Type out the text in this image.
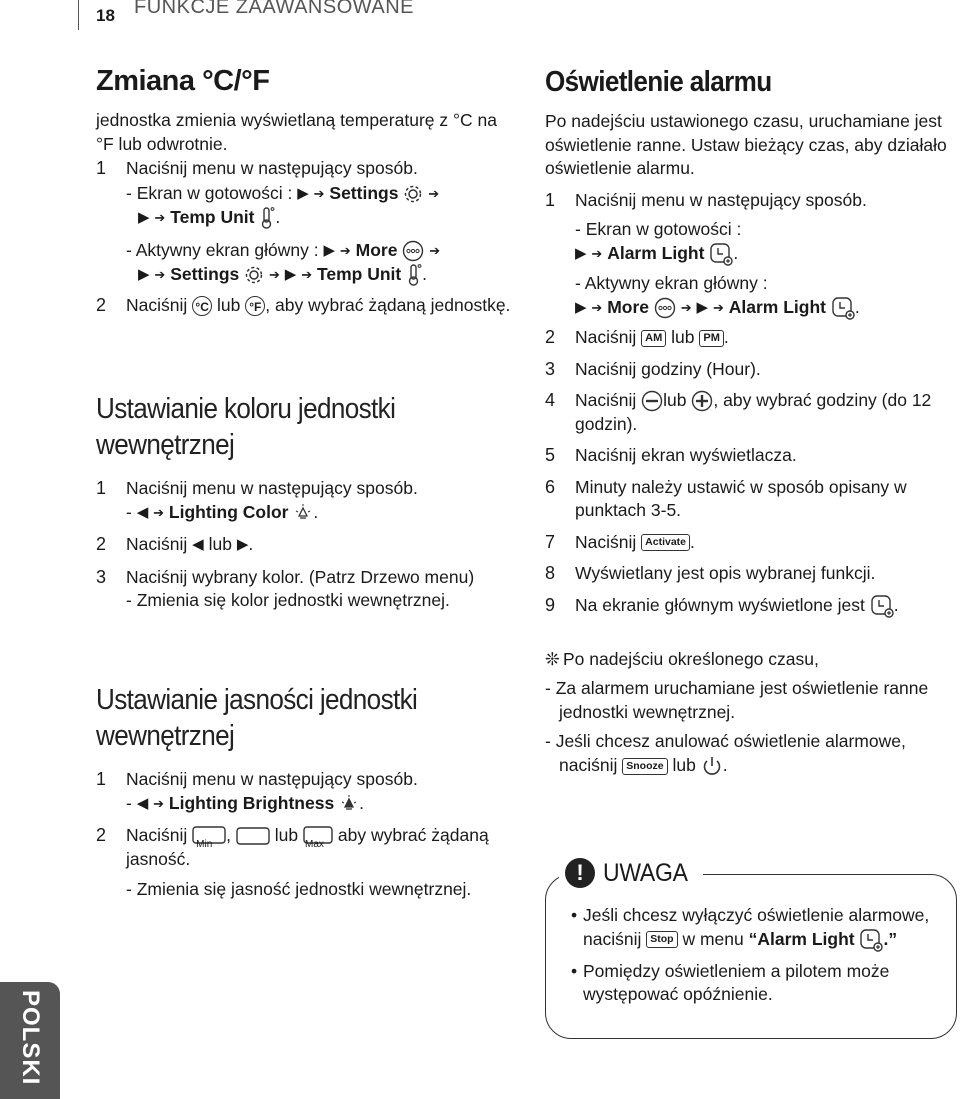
18 FUNKCJE ZAAWANSOWANE
Zmiana °C/°F

jednostka zmienia wyświetlaną temperaturę z °C na °F lub odwrotnie.

1 Naciśnij menu w następujący sposób.

- Ekran w gotowości : ▶ ➔ Settings ➔

▶ ➔ Temp Unit .

- Aktywny ekran główny : ▶ ➔ More ➔

▶ ➔ Settings ➔ ▶ ➔ Temp Unit .

2 Naciśnij °C lub °F , aby wybrać żądaną jednostkę.

Ustawianie koloru jednostki
wewnętrznej

1 Naciśnij menu w następujący sposób.

- ◀ ➔ Lighting Color .

2 Naciśnij ◀ lub ▶.

3 Naciśnij wybrany kolor. (Patrz Drzewo menu)

- Zmienia się kolor jednostki wewnętrznej.

Ustawianie jasności jednostki
wewnętrznej

1 Naciśnij menu w następujący sposób.

- ◀ ➔ Lighting Brightness .

2 Naciśnij Min ,	lub Max aby wybrać żądaną jasność.

- Zmienia się jasność jednostki wewnętrznej.

Oświetlenie alarmu

Po nadejściu ustawionego czasu, uruchamiane jest oświetlenie ranne. Ustaw bieżący czas, aby działało oświetlenie alarmu.

1 Naciśnij menu w następujący sposób.

- Ekran w gotowości :

▶ ➔ Alarm Light .

- Aktywny ekran główny :

▶ ➔ More ➔ ▶ ➔ Alarm Light .

2 Naciśnij AM lub PM .

3 Naciśnij godziny (Hour).

4 Naciśnij lub , aby wybrać godziny (do 12 godzin).

5 Naciśnij ekran wyświetlacza.

6 Minuty należy ustawić w sposób opisany w punktach 3-5.

7 Naciśnij Activate .

8 Wyświetlany jest opis wybranej funkcji.

9 Na ekranie głównym wyświetlone jest .

❊ Po nadejściu określonego czasu,

- Za alarmem uruchamiane jest oświetlenie ranne jednostki wewnętrznej.

- Jeśli chcesz anulować oświetlenie alarmowe, naciśnij Snooze lub .

! UWAGA

• Jeśli chcesz wyłączyć oświetlenie alarmowe, naciśnij Stop w menu “Alarm Light .”

• Pomiędzy oświetleniem a pilotem może występować opóźnienie.

POLSKI
